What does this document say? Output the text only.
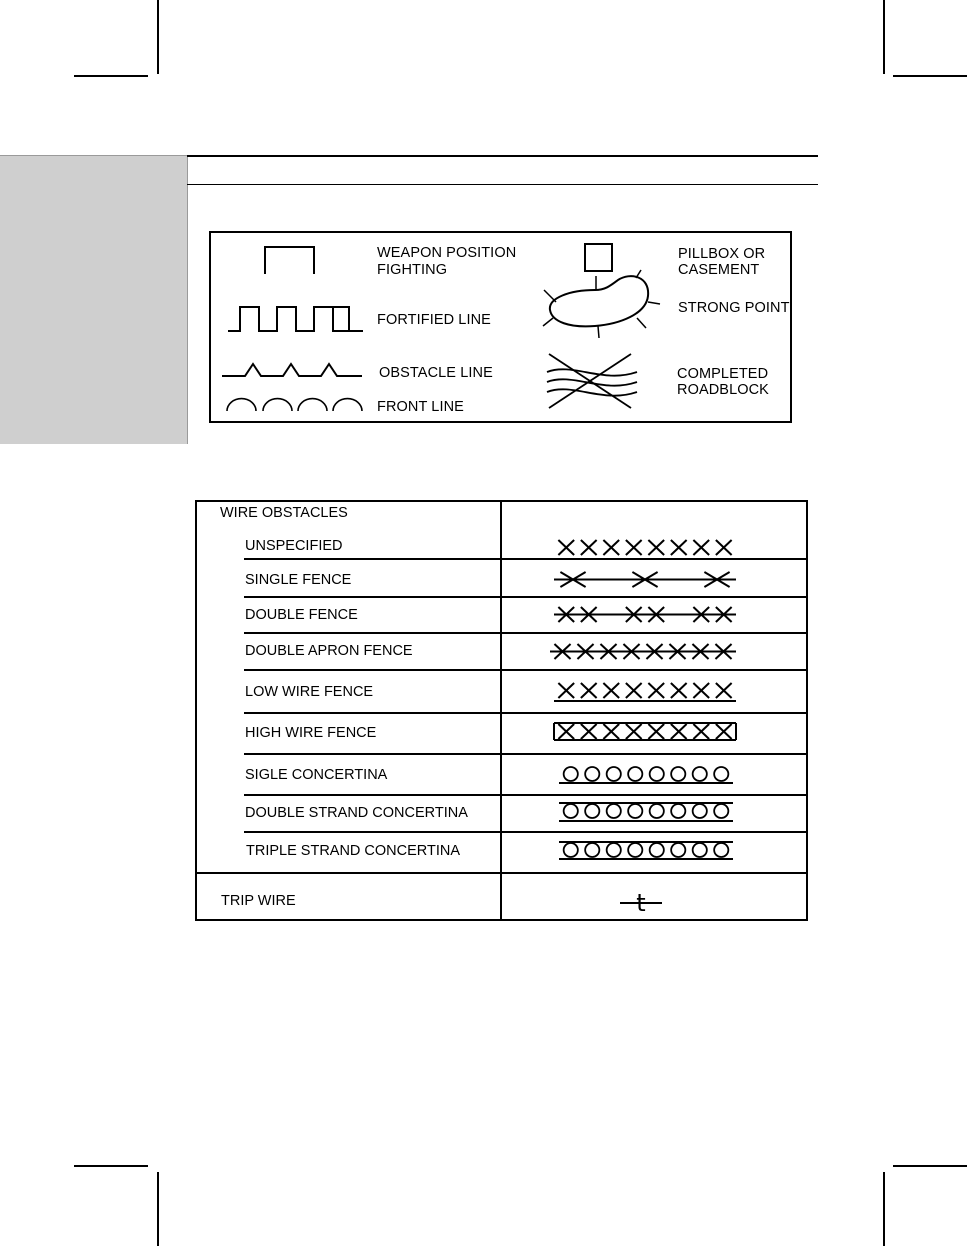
WEAPON POSITION
FIGHTING
FORTIFIED LINE
OBSTACLE LINE
FRONT LINE
PILLBOX OR
CASEMENT
STRONG POINT
COMPLETED
ROADBLOCK
WIRE OBSTACLES
UNSPECIFIED
SINGLE FENCE
DOUBLE FENCE
DOUBLE APRON FENCE
LOW WIRE FENCE
HIGH WIRE FENCE
SIGLE CONCERTINA
DOUBLE STRAND CONCERTINA
TRIPLE STRAND CONCERTINA
TRIP WIRE	t
